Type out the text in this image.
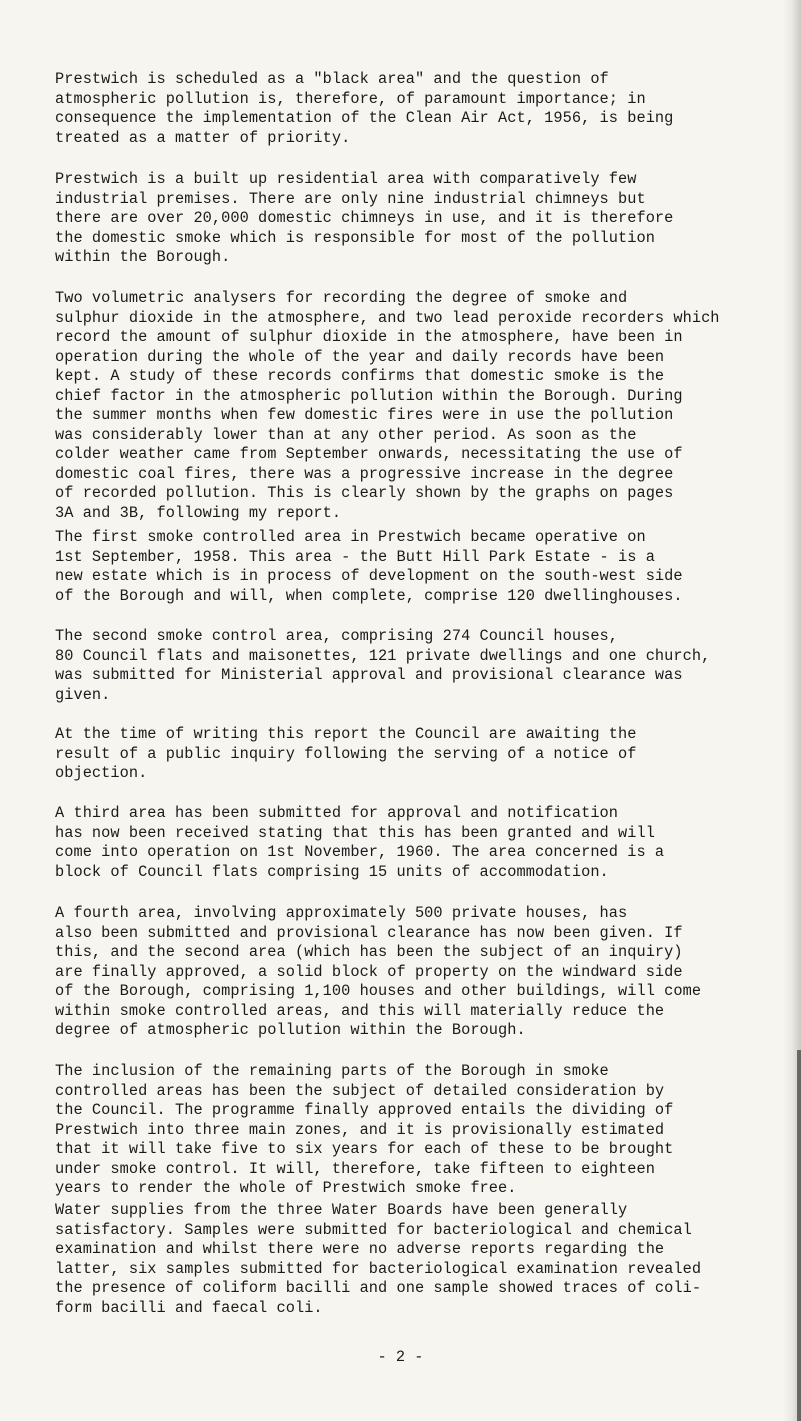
Prestwich is scheduled as a "black area" and the question of
atmospheric pollution is, therefore, of paramount importance; in
consequence the implementation of the Clean Air Act, 1956, is being
treated as a matter of priority.

Prestwich is a built up residential area with comparatively few
industrial premises. There are only nine industrial chimneys but
there are over 20,000 domestic chimneys in use, and it is therefore
the domestic smoke which is responsible for most of the pollution
within the Borough.

Two volumetric analysers for recording the degree of smoke and
sulphur dioxide in the atmosphere, and two lead peroxide recorders which
record the amount of sulphur dioxide in the atmosphere, have been in
operation during the whole of the year and daily records have been
kept. A study of these records confirms that domestic smoke is the
chief factor in the atmospheric pollution within the Borough. During
the summer months when few domestic fires were in use the pollution
was considerably lower than at any other period. As soon as the
colder weather came from September onwards, necessitating the use of
domestic coal fires, there was a progressive increase in the degree
of recorded pollution. This is clearly shown by the graphs on pages
3A and 3B, following my report.

The first smoke controlled area in Prestwich became operative on
1st September, 1958. This area - the Butt Hill Park Estate - is a
new estate which is in process of development on the south-west side
of the Borough and will, when complete, comprise 120 dwellinghouses.

The second smoke control area, comprising 274 Council houses,
80 Council flats and maisonettes, 121 private dwellings and one church,
was submitted for Ministerial approval and provisional clearance was
given.

At the time of writing this report the Council are awaiting the
result of a public inquiry following the serving of a notice of
objection.

A third area has been submitted for approval and notification
has now been received stating that this has been granted and will
come into operation on 1st November, 1960. The area concerned is a
block of Council flats comprising 15 units of accommodation.

A fourth area, involving approximately 500 private houses, has
also been submitted and provisional clearance has now been given. If
this, and the second area (which has been the subject of an inquiry)
are finally approved, a solid block of property on the windward side
of the Borough, comprising 1,100 houses and other buildings, will come
within smoke controlled areas, and this will materially reduce the
degree of atmospheric pollution within the Borough.

The inclusion of the remaining parts of the Borough in smoke
controlled areas has been the subject of detailed consideration by
the Council. The programme finally approved entails the dividing of
Prestwich into three main zones, and it is provisionally estimated
that it will take five to six years for each of these to be brought
under smoke control. It will, therefore, take fifteen to eighteen
years to render the whole of Prestwich smoke free.

Water supplies from the three Water Boards have been generally
satisfactory. Samples were submitted for bacteriological and chemical
examination and whilst there were no adverse reports regarding the
latter, six samples submitted for bacteriological examination revealed
the presence of coliform bacilli and one sample showed traces of coli-
form bacilli and faecal coli.

- 2 -
